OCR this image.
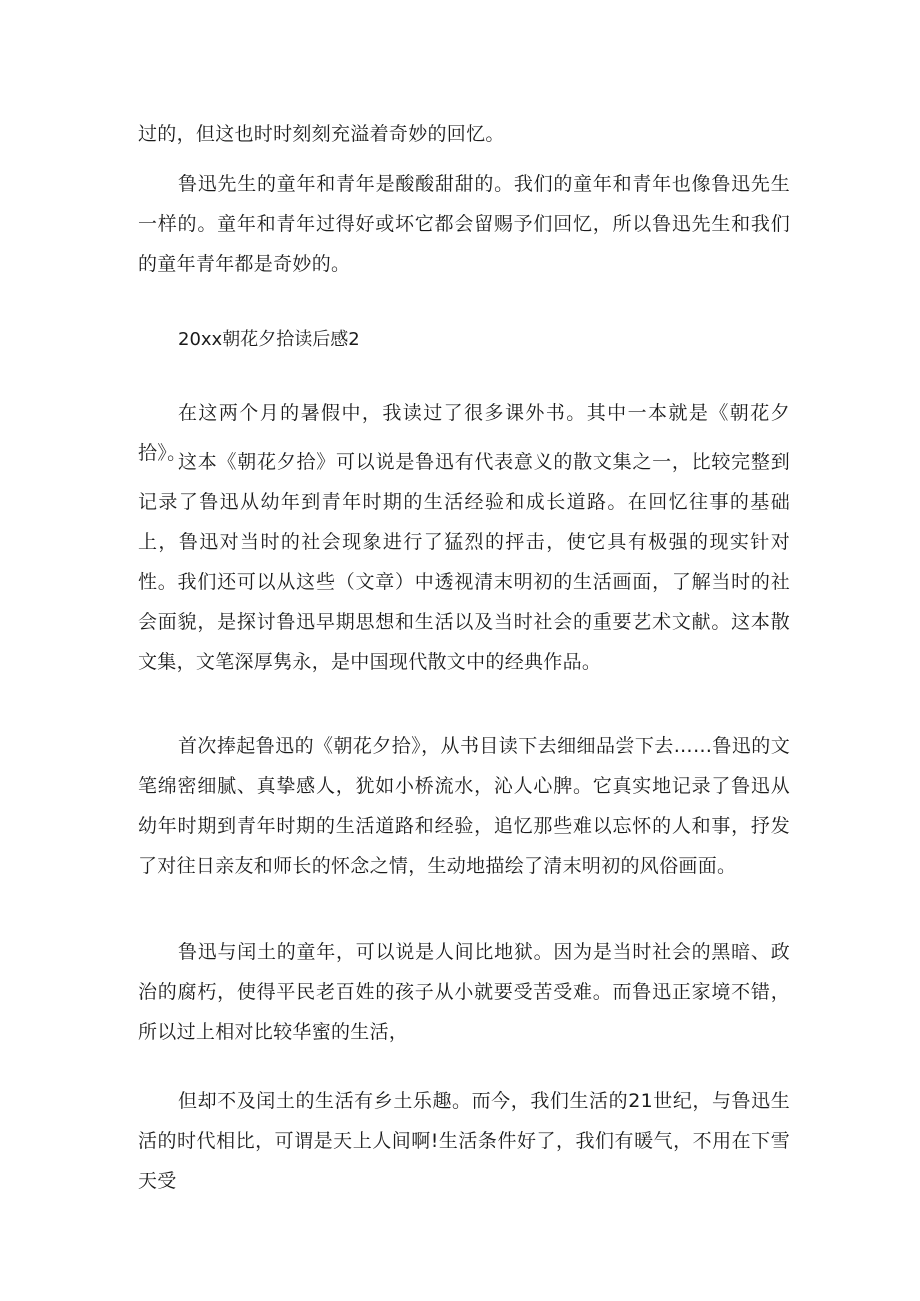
过的，但这也时时刻刻充溢着奇妙的回忆。

鲁迅先生的童年和青年是酸酸甜甜的。我们的童年和青年也像鲁迅先生一样的。童年和青年过得好或坏它都会留赐予们回忆，所以鲁迅先生和我们的童年青年都是奇妙的。

20xx朝花夕拾读后感2

在这两个月的暑假中，我读过了很多课外书。其中一本就是《朝花夕拾》。

这本《朝花夕拾》可以说是鲁迅有代表意义的散文集之一，比较完整到记录了鲁迅从幼年到青年时期的生活经验和成长道路。在回忆往事的基础上，鲁迅对当时的社会现象进行了猛烈的抨击，使它具有极强的现实针对性。我们还可以从这些（文章）中透视清末明初的生活画面，了解当时的社会面貌，是探讨鲁迅早期思想和生活以及当时社会的重要艺术文献。这本散文集，文笔深厚隽永，是中国现代散文中的经典作品。

首次捧起鲁迅的《朝花夕拾》，从书目读下去细细品尝下去……鲁迅的文笔绵密细腻、真挚感人，犹如小桥流水，沁人心脾。它真实地记录了鲁迅从幼年时期到青年时期的生活道路和经验，追忆那些难以忘怀的人和事，抒发了对往日亲友和师长的怀念之情，生动地描绘了清末明初的风俗画面。

鲁迅与闰土的童年，可以说是人间比地狱。因为是当时社会的黑暗、政治的腐朽，使得平民老百姓的孩子从小就要受苦受难。而鲁迅正家境不错，所以过上相对比较华蜜的生活，

但却不及闰土的生活有乡土乐趣。而今，我们生活的21世纪，与鲁迅生活的时代相比，可谓是天上人间啊!生活条件好了，我们有暖气，不用在下雪天受
